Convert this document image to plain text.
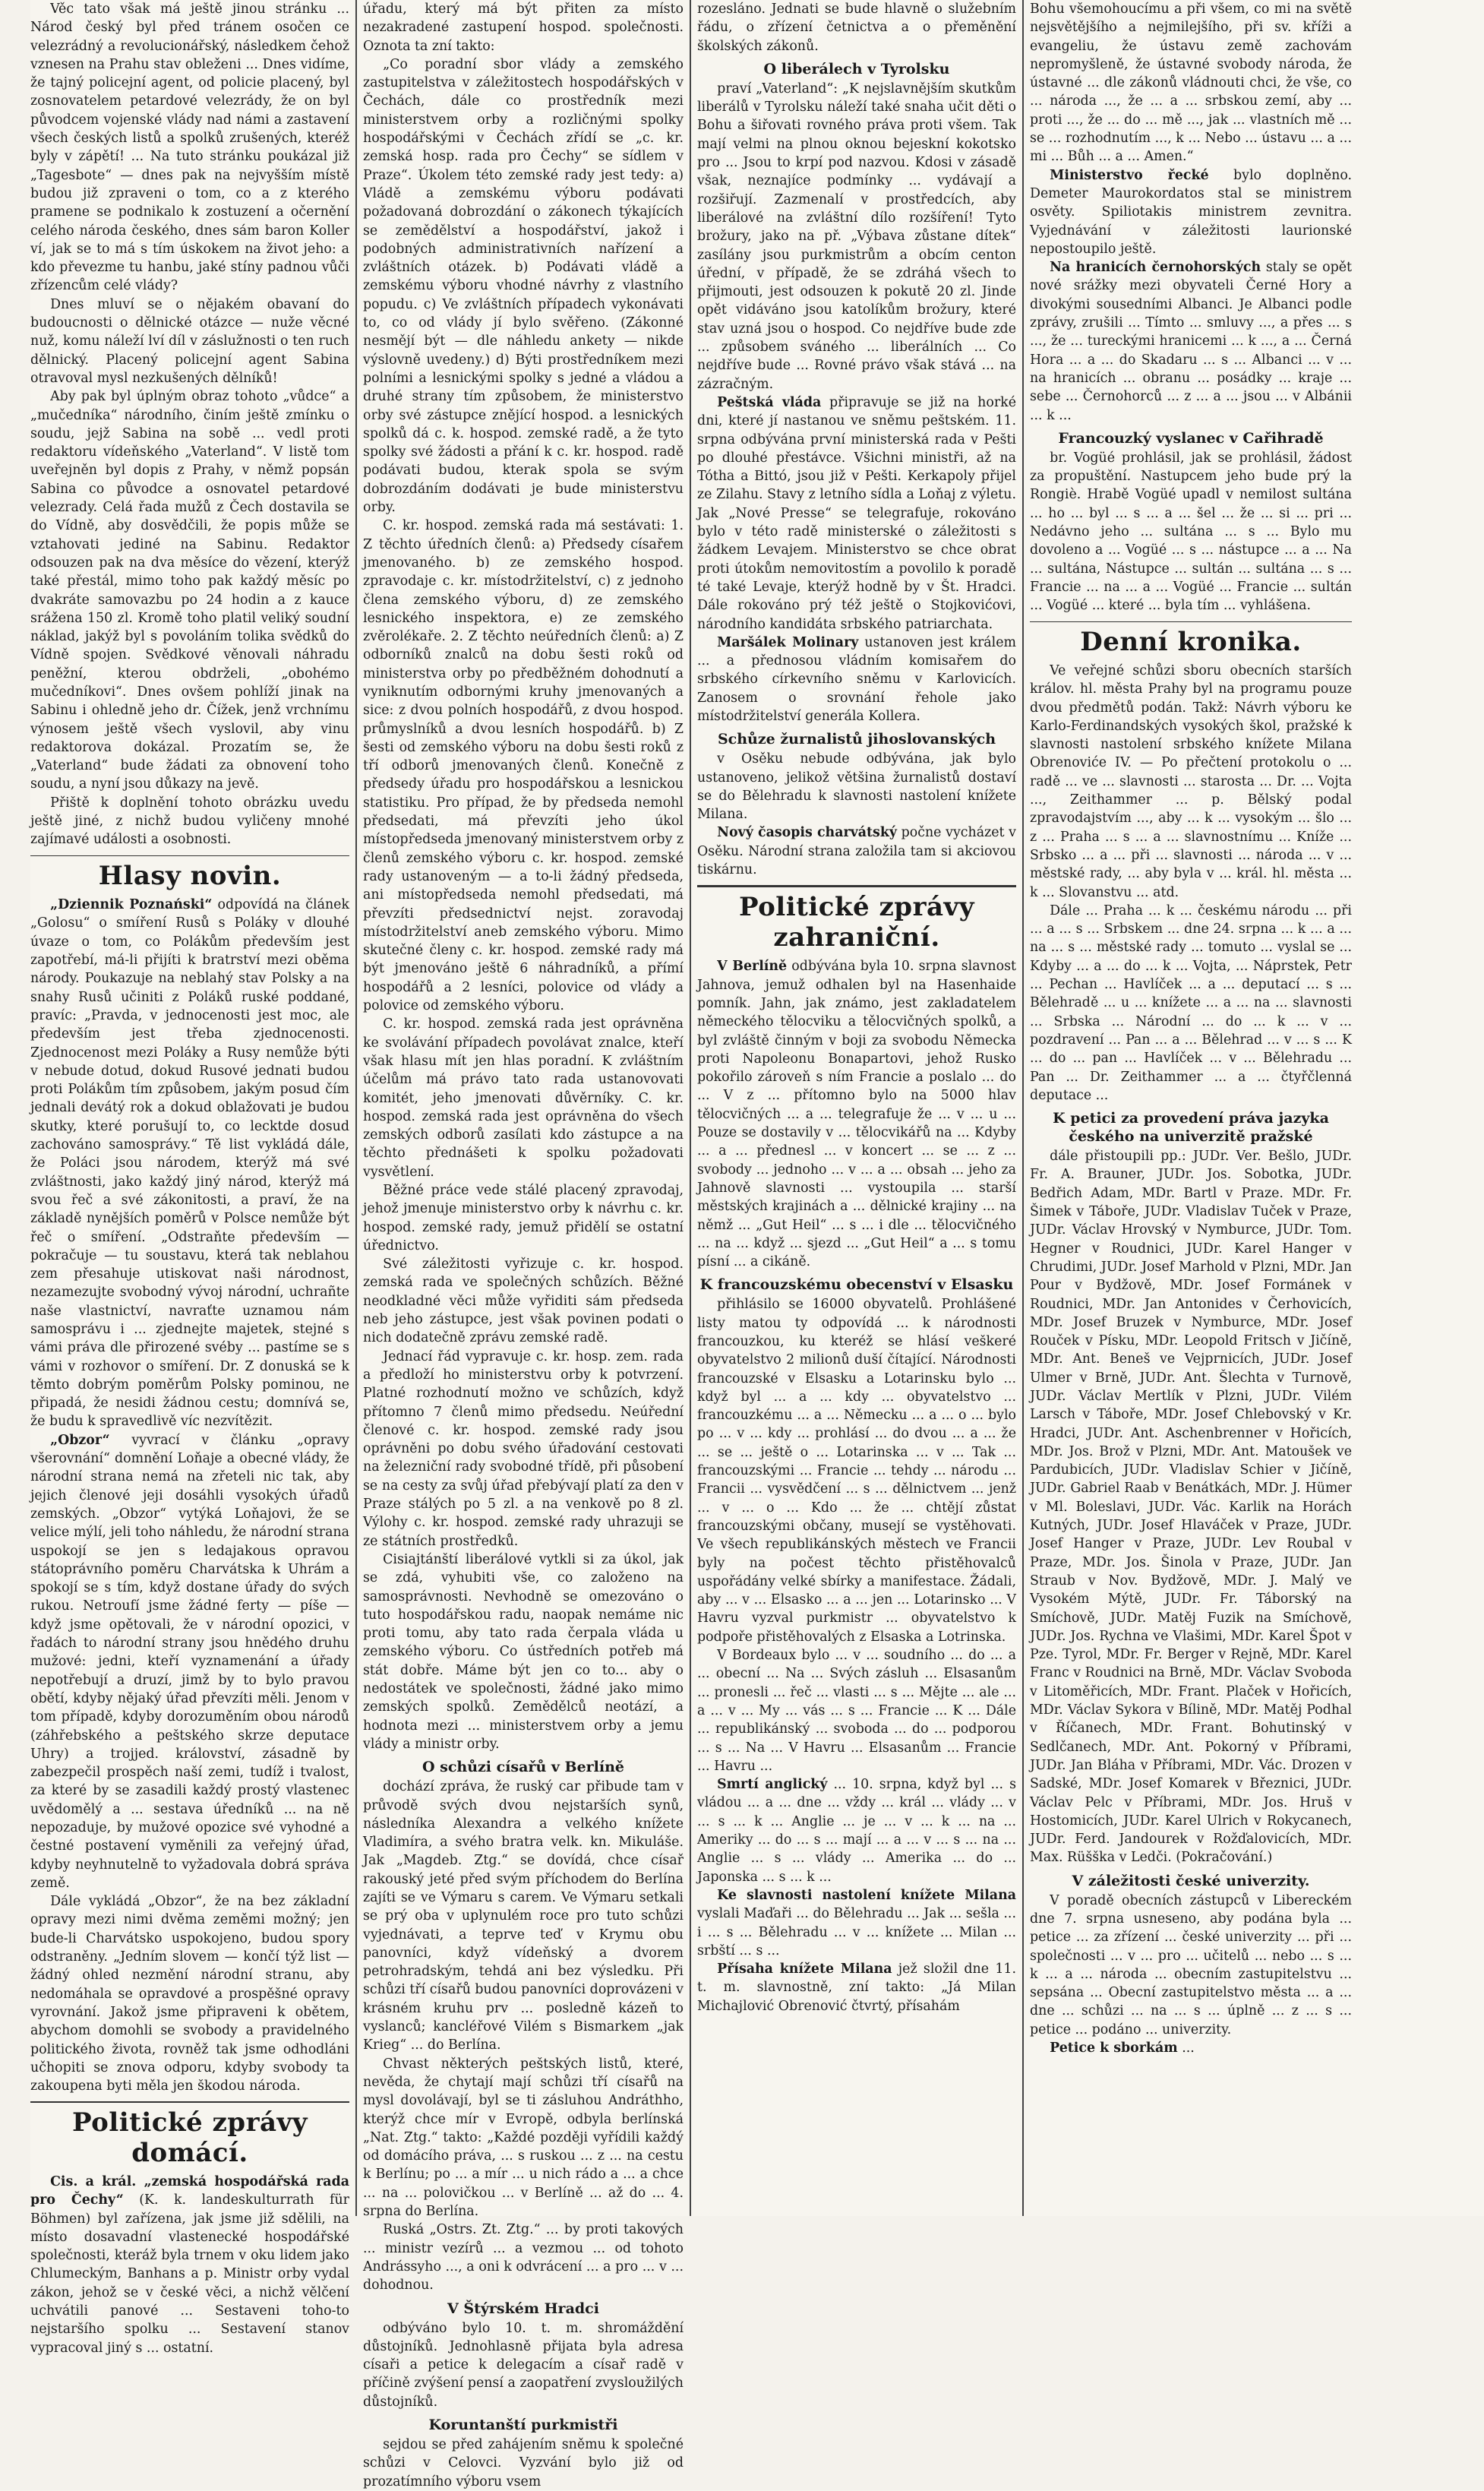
Věc tato však má ještě jinou stránku ... Národ český byl před tránem osočen ce velezrádný a revolucionářský, následkem čehož vznesen na Prahu stav obleženi ... Dnes vidíme, že tajný policejní agent, od policie placený, byl zosnovatelem petardové velezrády, že on byl původcem vojenské vlády nad námi a zastavení všech českých listů a spolků zrušených, kteréž byly v zápětí! ... Na tuto stránku poukázal již „Tagesbote“ — dnes pak na nejvyšším místě budou již zpraveni o tom, co a z kterého pramene se podnikalo k zostuzení a očernění celého národa českého, dnes sám baron Koller ví, jak se to má s tím úskokem na život jeho: a kdo převezme tu hanbu, jaké stíny padnou vůči zřízencům celé vlády?

Dnes mluví se o nějakém obavaní do budoucnosti o dělnické otázce — nuže věcné nuž, komu náleží lví díl v záslužnosti o ten ruch dělnický. Placený policejní agent Sabina otravoval mysl nezkušených dělníků!

Aby pak byl úplným obraz tohoto „vůdce“ a „mučedníka“ národního, činím ještě zmínku o soudu, jejž Sabina na sobě ... vedl proti redaktoru vídeňského „Vaterland“. V listě tom uveřejněn byl dopis z Prahy, v němž popsán Sabina co původce a osnovatel petardové velezrady. Celá řada mužů z Čech dostavila se do Vídně, aby dosvědčili, že popis může se vztahovati jediné na Sabinu. Redaktor odsouzen pak na dva měsíce do vězení, kterýž také přestál, mimo toho pak každý měsíc po dvakráte samovazbu po 24 hodin a z kauce srážena 150 zl. Kromě toho platil veliký soudní náklad, jakýž byl s povoláním tolika svědků do Vídně spojen. Svědkové věnovali náhradu peněžní, kterou obdrželi, „obohémo mučedníkovi“. Dnes ovšem pohlíží jinak na Sabinu i ohledně jeho dr. Čížek, jenž vrchnímu výnosem ještě všech vyslovil, aby vinu redaktorova dokázal. Prozatím se, že „Vaterland“ bude žádati za obnovení toho soudu, a nyní jsou důkazy na jevě.

Přiště k doplnění tohoto obrázku uvedu ještě jiné, z nichž budou vyličeny mnohé zajímavé události a osobnosti.

Hlasy novin.

„Dziennik Poznański“ odpovídá na článek „Golosu“ o smíření Rusů s Poláky v dlouhé úvaze o tom, co Polákům především jest zapotřebí, má-li přijíti k bratrství mezi oběma národy. Poukazuje na neblahý stav Polsky a na snahy Rusů učiniti z Poláků ruské poddané, pravíc: „Pravda, v jednocenosti jest moc, ale především jest třeba zjednocenosti. Zjednocenost mezi Poláky a Rusy nemůže býti v nebude dotud, dokud Rusové jednati budou proti Polákům tím způsobem, jakým posud čím jednali devátý rok a dokud oblažovati je budou skutky, které porušují to, co lecktde dosud zachováno samosprávy.“ Tě list vykládá dále, že Poláci jsou národem, kterýž má své zvláštnosti, jako každý jiný národ, kterýž má svou řeč a své zákonitosti, a praví, že na základě nynějších poměrů v Polsce nemůže být řeč o smíření. „Odstraňte především — pokračuje — tu soustavu, která tak neblahou zem přesahuje utiskovat naši národnost, nezamezujte svobodný vývoj národní, uchrañte naše vlastnictví, navraťte uznamou nám samosprávu i ... zjednejte majetek, stejné s vámi práva dle přirozené svéby ... pastíme se s vámi v rozhovor o smíření. Dr. Z donuská se k těmto dobrým poměrům Polsky pominou, ne připadá, že nesidi žádnou cestu; domnívá se, že budu k spravedlivě víc nezvítězit.

„Obzor“ vyvrací v článku „opravy všerovnání“ domnění Loňaje a obecné vlády, že národní strana nemá na zřeteli nic tak, aby jejich členové jeji dosáhli vysokých úřadů zemských. „Obzor“ vytýká Loňajovi, že se velice mýlí, jeli toho náhledu, že národní strana uspokojí se jen s ledajakous opravou státoprávního poměru Charvátska k Uhrám a spokojí se s tím, když dostane úřady do svých rukou. Netroufí jsme žádné ferty — píše — když jsme opětovali, že v národní opozici, v řadách to národní strany jsou hnědého druhu mužové: jedni, kteří vyznamenání a úřady nepotřebují a druzí, jimž by to bylo pravou obětí, kdyby nějaký úřad převzíti měli. Jenom v tom případě, kdyby dorozuměním obou národů (záhřebského a peštského skrze deputace Uhry) a trojjed. království, zásadně by zabezpečil prospěch naší zemi, tudíž i tvalost, za které by se zasadili každý prostý vlastenec uvědomělý a ... sestava úředníků ... na ně nepozaduje, by mužové opozice své vyhodné a čestné postavení vyměnili za veřejný úřad, kdyby neyhnutelně to vyžadovala dobrá správa země.

Dále vykládá „Obzor“, že na bez základní opravy mezi nimi dvěma zeměmi možný; jen bude-li Charvátsko uspokojeno, budou spory odstraněny. „Jedním slovem — končí týž list — žádný ohled nezmění národní stranu, aby nedomáhala se opravdové a prospěšné opravy vyrovnání. Jakož jsme připraveni k obětem, abychom domohli se svobody a pravidelného politického života, rovněž tak jsme odhodláni učhopiti se znova odporu, kdyby svobody ta zakoupena byti měla jen škodou národa.

Politické zprávy domácí.

Cis. a král. „zemská hospodářská rada pro Čechy“ (K. k. landeskulturrath für Böhmen) byl zařízena, jak jsme již sdělili, na místo dosavadní vlastenecké hospodářské společnosti, kteráž byla trnem v oku lidem jako Chlumeckým, Banhans a p. Ministr orby vydal zákon, jehož se v české věci, a nichž vělčení uchvátili panové ... Sestaveni toho-to nejstaršího spolku ... Sestavení stanov vypracoval jiný s ... ostatní.

úřadu, který má být přiten za místo nezakradené zastupení hospod. společnosti. Oznota ta zní takto:

„Co poradní sbor vlády a zemského zastupitelstva v záležitostech hospodářských v Čechách, dále co prostředník mezi ministerstvem orby a rozličnými spolky hospodářskými v Čechách zřídí se „c. kr. zemská hosp. rada pro Čechy“ se sídlem v Praze“. Úkolem této zemské rady jest tedy: a) Vládě a zemskému výboru podávati požadovaná dobrozdání o zákonech týkajících se zemědělství a hospodářství, jakož i podobných administrativních nařízení a zvláštních otázek. b) Podávati vládě a zemskému výboru vhodné návrhy z vlastního popudu. c) Ve zvláštních případech vykonávati to, co od vlády jí bylo svěřeno. (Zákonné nesmějí být — dle náhledu ankety — nikde výslovně uvedeny.) d) Býti prostředníkem mezi polními a lesnickými spolky s jedné a vládou a druhé strany tím způsobem, že ministerstvo orby své zástupce znějící hospod. a lesnických spolků dá c. k. hospod. zemské radě, a že tyto spolky své žádosti a přání k c. kr. hospod. radě podávati budou, kterak spola se svým dobrozdáním dodávati je bude ministerstvu orby.

C. kr. hospod. zemská rada má sestávati: 1. Z těchto úředních členů: a) Předsedy císařem jmenovaného. b) ze zemského hospod. zpravodaje c. kr. místodržitelství, c) z jednoho člena zemského výboru, d) ze zemského lesnického inspektora, e) ze zemského zvěrolékaře. 2. Z těchto neúředních členů: a) Z odborníků znalců na dobu šesti roků od ministerstva orby po předběžném dohodnutí a vyniknutím odbornými kruhy jmenovaných a sice: z dvou polních hospodářů, z dvou hospod. průmyslníků a dvou lesních hospodářů. b) Z šesti od zemského výboru na dobu šesti roků z tří odborů jmenovaných členů. Konečně z předsedy úřadu pro hospodářskou a lesnickou statistiku. Pro případ, že by předseda nemohl předsedati, má převzíti jeho úkol místopředseda jmenovaný ministerstvem orby z členů zemského výboru c. kr. hospod. zemské rady ustanoveným — a to-li žádný předseda, ani místopředseda nemohl předsedati, má převzíti předsednictví nejst. zoravodaj místodržitelství aneb zemského výboru. Mimo skutečné členy c. kr. hospod. zemské rady má být jmenováno ještě 6 náhradníků, a přímí hospodářů a 2 lesníci, polovice od vlády a polovice od zemského výboru.

C. kr. hospod. zemská rada jest oprávněna ke svolávání případech povolávat znalce, kteří však hlasu mít jen hlas poradní. K zvláštním účelům má právo tato rada ustanovovati komitét, jeho jmenovati důvěrníky. C. kr. hospod. zemská rada jest oprávněna do všech zemských odborů zasílati kdo zástupce a na těchto přednášeti k spolku požadovati vysvětlení.

Běžné práce vede stálé placený zpravodaj, jehož jmenuje ministerstvo orby k návrhu c. kr. hospod. zemské rady, jemuž přidělí se ostatní úřednictvo.

Své záležitosti vyřizuje c. kr. hospod. zemská rada ve společných schůzích. Běžné neodkladné věci může vyřiditi sám předseda neb jeho zástupce, jest však povinen podati o nich dodatečně zprávu zemské radě.

Jednací řád vypravuje c. kr. hosp. zem. rada a předloží ho ministerstvu orby k potvrzení. Platné rozhodnutí možno ve schůzích, když přítomno 7 členů mimo předsedu. Neúřední členové c. kr. hospod. zemské rady jsou oprávněni po dobu svého úřadování cestovati na železniční rady svobodné třídě, při působení se na cesty za svůj úřad přebývají platí za den v Praze stálých po 5 zl. a na venkově po 8 zl. Výlohy c. kr. hospod. zemské rady uhrazuji se ze státních prostředků.

Cisiajtánští liberálové vytkli si za úkol, jak se zdá, vyhubiti vše, co založeno na samosprávnosti. Nevhodně se omezováno o tuto hospodářskou radu, naopak nemáme nic proti tomu, aby tato rada čerpala vláda u zemského výboru. Co ústředních potřeb má stát dobře. Máme být jen co to... aby o nedostátek ve společnosti, žádné jako mimo zemských spolků. Zemědělců neotází, a hodnota mezi ... ministerstvem orby a jemu vlády a ministr orby.

O schůzi císařů v Berlíně

dochází zpráva, že ruský car přibude tam v průvodě svých dvou nejstarších synů, následníka Alexandra a velkého knížete Vladimíra, a svého bratra velk. kn. Mikuláše. Jak „Magdeb. Ztg.“ se dovídá, chce císař rakouský jeté před svým příchodem do Berlína zajíti se ve Výmaru s carem. Ve Výmaru setkali se prý oba v uplynulém roce pro tuto schůzi vyjednávati, a teprve teď v Krymu obu panovníci, když vídeňský a dvorem petrohradským, tehdá ani bez výsledku. Při schůzi tří císařů budou panovníci doprovázeni v krásném kruhu prv ... posledně kázeň to vyslanců; kancléřové Vilém s Bismarkem „jak Krieg“ ... do Berlína.

Chvast některých peštských listů, které, nevěda, že chytají mají schůzi tří císařů na mysl dovolávají, byl se ti zásluhou Andráthho, kterýž chce mír v Evropě, odbyla berlínská „Nat. Ztg.“ takto: „Každé později vyřídili každý od domácího práva, ... s ruskou ... z ... na cestu k Berlínu; po ... a mír ... u nich rádo a ... a chce ... na ... polovičkou ... v Berlíně ... až do ... 4. srpna do Berlína.

Ruská „Ostrs. Zt. Ztg.“ ... by proti takových ... ministr vezírů ... a vezmou ... od tohoto Andrássyho ..., a oni k odvrácení ... a pro ... v ... dohodnou.

V Štýrském Hradci

odbýváno bylo 10. t. m. shromáždění důstojníků. Jednohlasně přijata byla adresa císaři a petice k delegacím a císař radě v příčině zvýšení pensí a zaopatření zvysloužilých důstojníků.

Koruntanští purkmistři

sejdou se před zahájením sněmu k společné schůzi v Celovci. Vyzvání bylo již od prozatímního výboru vsem

rozesláno. Jednati se bude hlavně o služebním řádu, o zřízení četnictva a o přeměnění školských zákonů.

O liberálech v Tyrolsku

praví „Vaterland“: „K nejslavnějším skutkům liberálů v Tyrolsku náleží také snaha učit děti o Bohu a šiřovati rovného práva proti všem. Tak mají velmi na plnou oknou bejeskní kokotsko pro ... Jsou to krpí pod nazvou. Kdosi v zásadě však, neznajíce podmínky ... vydávají a rozšiřují. Zazmenalí v prostředcích, aby liberálové na zvláštní dílo rozšíření! Tyto brožury, jako na př. „Výbava zůstane dítek“ zasílány jsou purkmistrům a obcím centon úřední, v případě, že se zdráhá všech to přijmouti, jest odsouzen k pokutě 20 zl. Jinde opět vidáváno jsou katolíkům brožury, které stav uzná jsou o hospod. Co nejdříve bude zde ... způsobem sváného ... liberálních ... Co nejdříve bude ... Rovné právo však stává ... na zázračným.

Peštská vláda připravuje se již na horké dni, které jí nastanou ve sněmu peštském. 11. srpna odbývána první ministerská rada v Pešti po dlouhé přestávce. Všichni ministři, až na Tótha a Bittó, jsou již v Pešti. Kerkapoly přijel ze Zilahu. Stavy z letního sídla a Loňaj z výletu. Jak „Nové Presse“ se telegrafuje, rokováno bylo v této radě ministerské o záležitosti s žádkem Levajem. Ministerstvo se chce obrat proti útokům nemovitostím a povolilo k poradě té také Levaje, kterýž hodně by v Št. Hradci. Dále rokováno prý též ještě o Stojkovićovi, národního kandidáta srbského patriarchata.

Maršálek Molinary ustanoven jest králem ... a přednosou vládním komisařem do srbského církevního sněmu v Karlovicích. Zanosem o srovnání řehole jako místodržitelství generála Kollera.

Schůze žurnalistů jihoslovanských

v Osěku nebude odbývána, jak bylo ustanoveno, jelikož většina žurnalistů dostaví se do Bělehradu k slavnosti nastolení knížete Milana.

Nový časopis charvátský počne vycházet v Osěku. Národní strana založila tam si akciovou tiskárnu.

Politické zprávy zahraniční.

V Berlíně odbývána byla 10. srpna slavnost Jahnova, jemuž odhalen byl na Hasenhaide pomník. Jahn, jak známo, jest zakladatelem německého tělocviku a tělocvičných spolků, a byl zvláště činným v boji za svobodu Německa proti Napoleonu Bonapartovi, jehož Rusko pokořilo zároveň s ním Francie a poslalo ... do ... V z ... přítomno bylo na 5000 hlav tělocvičných ... a ... telegrafuje že ... v ... u ... Pouze se dostavily v ... tělocvikářů na ... Kdyby ... a ... přednesl ... v koncert ... se ... z ... svobody ... jednoho ... v ... a ... obsah ... jeho za Jahnově slavnosti ... vystoupila ... starší městských krajinách a ... dělnické krajiny ... na němž ... „Gut Heil“ ... s ... i dle ... tělocvičného ... na ... když ... sjezd ... „Gut Heil“ a ... s tomu písní ... a cikáně.

K francouzskému obecenství v Elsasku

přihlásilo se 16000 obyvatelů. Prohlášené listy matou ty odpovídá ... k národnosti francouzkou, ku kteréž se hlásí veškeré obyvatelstvo 2 milionů duší čítající. Národnosti francouzské v Elsasku a Lotarinsku bylo ... když byl ... a ... kdy ... obyvatelstvo ... francouzkému ... a ... Německu ... a ... o ... bylo po ... v ... kdy ... prohlásí ... do dvou ... a ... že ... se ... ještě o ... Lotarinska ... v ... Tak ... francouzskými ... Francie ... tehdy ... národu ... Francii ... vysvědčení ... s ... dělnictvem ... jenž ... v ... o ... Kdo ... že ... chtějí zůstat francouzskými občany, musejí se vystěhovati. Ve všech republikánských městech ve Francii byly na počest těchto přistěhovalců uspořádány velké sbírky a manifestace. Žádali, aby ... v ... Elsasko ... a ... jen ... Lotarinsko ... V Havru vyzval purkmistr ... obyvatelstvo k podpoře přistěhovalých z Elsaska a Lotrinska.

V Bordeaux bylo ... v ... soudního ... do ... a ... obecní ... Na ... Svých zásluh ... Elsasanům ... pronesli ... řeč ... vlasti ... s ... Mějte ... ale ... a ... v ... My ... vás ... s ... Francie ... K ... Dále ... republikánský ... svoboda ... do ... podporou ... s ... Na ... V Havru ... Elsasanům ... Francie ... Havru ...

Smrtí anglický ... 10. srpna, když byl ... s vládou ... a ... dne ... vždy ... král ... vlády ... v ... s ... k ... Anglie ... je ... v ... k ... na ... Ameriky ... do ... s ... mají ... a ... v ... s ... na ... Anglie ... s ... vlády ... Amerika ... do ... Japonska ... s ... k ...

Ke slavnosti nastolení knížete Milana vyslali Maďaři ... do Bělehradu ... Jak ... sešla ... i ... s ... Bělehradu ... v ... knížete ... Milan ... srbští ... s ...

Přísaha knížete Milana jež složil dne 11. t. m. slavnostně, zní takto: „Já Milan Michajlović Obrenović čtvrtý, přísahám

Bohu všemohoucímu a při všem, co mi na světě nejsvětějšího a nejmilejšího, při sv. kříži a evangeliu, že ústavu země zachovám nepromyšleně, že ústavné svobody národa, že ústavné ... dle zákonů vládnouti chci, že vše, co ... národa ..., že ... a ... srbskou zemí, aby ... proti ..., že ... do ... mě ..., jak ... vlastních mě ... se ... rozhodnutím ..., k ... Nebo ... ústavu ... a ... mi ... Bůh ... a ... Amen.“

Ministerstvo řecké bylo doplněno. Demeter Maurokordatos stal se ministrem osvěty. Spiliotakis ministrem zevnitra. Vyjednávání v záležitosti laurionské nepostoupilo ještě.

Na hranicích černohorských staly se opět nové srážky mezi obyvateli Černé Hory a divokými sousedními Albanci. Je Albanci podle zprávy, zrušili ... Tímto ... smluvy ..., a přes ... s ..., že ... tureckými hranicemi ... k ..., a ... Černá Hora ... a ... do Skadaru ... s ... Albanci ... v ... na hranicích ... obranu ... posádky ... kraje ... sebe ... Černohorců ... z ... a ... jsou ... v Albánii ... k ...

Francouzký vyslanec v Cařihradě

br. Vogüé prohlásil, jak se prohlásil, žádost za propuštění. Nastupcem jeho bude prý la Rongiè. Hrabě Vogüé upadl v nemilost sultána ... ho ... byl ... s ... a ... šel ... že ... si ... pri ... Nedávno jeho ... sultána ... s ... Bylo mu dovoleno a ... Vogüé ... s ... nástupce ... a ... Na ... sultána, Nástupce ... sultán ... sultána ... s ... Francie ... na ... a ... Vogüé ... Francie ... sultán ... Vogüé ... které ... byla tím ... vyhlášena.

Denní kronika.

Ve veřejné schůzi sboru obecních starších králov. hl. města Prahy byl na programu pouze dvou předmětů podán. Takž: Návrh výboru ke Karlo-Ferdinandských vysokých škol, pražské k slavnosti nastolení srbského knížete Milana Obrenoviće IV. — Po přečtení protokolu o ... radě ... ve ... slavnosti ... starosta ... Dr. ... Vojta ..., Zeithammer ... p. Bělský podal zpravodajstvím ..., aby ... k ... vysokým ... šlo ... z ... Praha ... s ... a ... slavnostnímu ... Kníže ... Srbsko ... a ... při ... slavnosti ... národa ... v ... městské rady, ... aby byla v ... král. hl. města ... k ... Slovanstvu ... atd.

Dále ... Praha ... k ... českému národu ... při ... a ... s ... Srbskem ... dne 24. srpna ... k ... a ... na ... s ... městské rady ... tomuto ... vyslal se ... Kdyby ... a ... do ... k ... Vojta, ... Náprstek, Petr ... Pechan ... Havlíček ... a ... deputací ... s ... Bělehradě ... u ... knížete ... a ... na ... slavnosti ... Srbska ... Národní ... do ... k ... v ... pozdravení ... Pan ... a ... Bělehrad ... v ... s ... K ... do ... pan ... Havlíček ... v ... Bělehradu ... Pan ... Dr. Zeithammer ... a ... čtyřčlenná deputace ...

K petici za provedení práva jazyka českého na univerzitě pražské

dále přistoupili pp.: JUDr. Ver. Bešlo, JUDr. Fr. A. Brauner, JUDr. Jos. Sobotka, JUDr. Bedřich Adam, MDr. Bartl v Praze. MDr. Fr. Šimek v Táboře, JUDr. Vladislav Tuček v Praze, JUDr. Václav Hrovský v Nymburce, JUDr. Tom. Hegner v Roudnici, JUDr. Karel Hanger v Chrudimi, JUDr. Josef Marhold v Plzni, MDr. Jan Pour v Bydžově, MDr. Josef Formánek v Roudnici, MDr. Jan Antonides v Čerhovicích, MDr. Josef Bruzek v Nymburce, MDr. Josef Rouček v Písku, MDr. Leopold Fritsch v Jičíně, MDr. Ant. Beneš ve Vejprnicích, JUDr. Josef Ulmer v Brně, JUDr. Ant. Šlechta v Turnově, JUDr. Václav Mertlík v Plzni, JUDr. Vilém Larsch v Táboře, MDr. Josef Chlebovský v Kr. Hradci, JUDr. Ant. Aschenbrenner v Hořicích, MDr. Jos. Brož v Plzni, MDr. Ant. Matoušek ve Pardubicích, JUDr. Vladislav Schier v Jičíně, JUDr. Gabriel Raab v Benátkách, MDr. J. Hümer v Ml. Boleslavi, JUDr. Vác. Karlik na Horách Kutných, JUDr. Josef Hlaváček v Praze, JUDr. Josef Hanger v Praze, JUDr. Lev Roubal v Praze, MDr. Jos. Šinola v Praze, JUDr. Jan Straub v Nov. Bydžově, MDr. J. Malý ve Vysokém Mýtě, JUDr. Fr. Táborský na Smíchově, JUDr. Matěj Fuzik na Smíchově, JUDr. Jos. Rychna ve Vlašimi, MDr. Karel Špot v Pze. Tyrol, MDr. Fr. Berger v Rejně, MDr. Karel Franc v Roudnici na Brně, MDr. Václav Svoboda v Litoměřicích, MDr. Frant. Plaček v Hořicích, MDr. Václav Sykora v Bílině, MDr. Matěj Podhal v Říčanech, MDr. Frant. Bohutinský v Sedlčanech, MDr. Ant. Pokorný v Příbrami, JUDr. Jan Bláha v Příbrami, MDr. Vác. Drozen v Sadské, MDr. Josef Komarek v Březnici, JUDr. Václav Pelc v Příbrami, MDr. Jos. Hruš v Hostomicích, JUDr. Karel Ulrich v Rokycanech, JUDr. Ferd. Jandourek v Rožďalovicích, MDr. Max. Rüšška v Ledči. (Pokračování.)

V záležitosti české univerzity.

V poradě obecních zástupců v Libereckém dne 7. srpna usneseno, aby podána byla ... petice ... za zřízení ... české univerzity ... při ... společnosti ... v ... pro ... učitelů ... nebo ... s ... k ... a ... národa ... obecním zastupitelstvu ... sepsána ... Obecní zastupitelstvo města ... a ... dne ... schůzi ... na ... s ... úplně ... z ... s ... petice ... podáno ... univerzity.

Petice k sborkám ...
